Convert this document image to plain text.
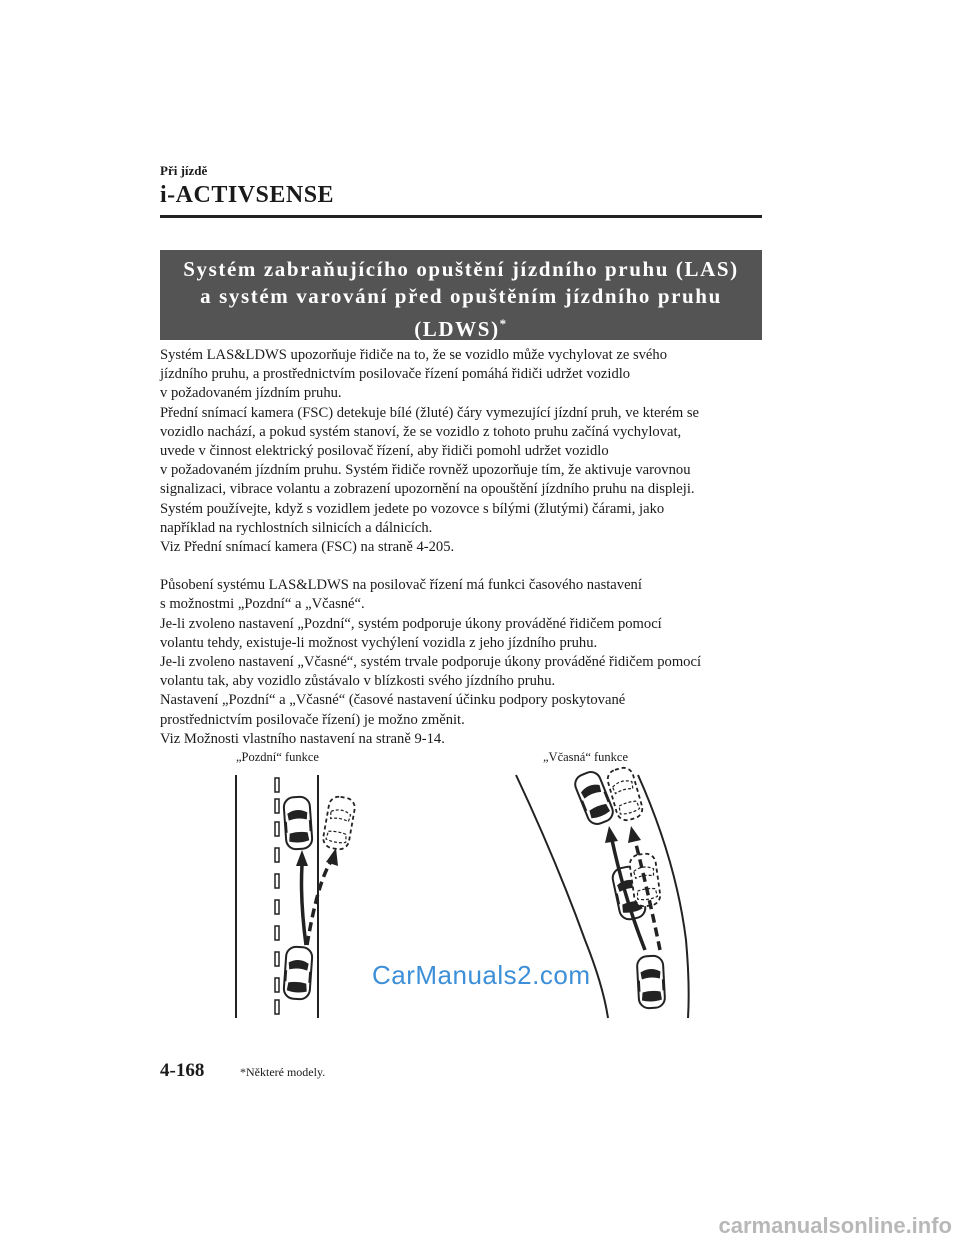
Při jízdě
i-ACTIVSENSE
Systém zabraňujícího opuštění jízdního pruhu (LAS)
a systém varování před opuštěním jízdního pruhu
(LDWS)*

Systém LAS&LDWS upozorňuje řidiče na to, že se vozidlo může vychylovat ze svého

jízdního pruhu, a prostřednictvím posilovače řízení pomáhá řidiči udržet vozidlo

v požadovaném jízdním pruhu.

Přední snímací kamera (FSC) detekuje bílé (žluté) čáry vymezující jízdní pruh, ve kterém se

vozidlo nachází, a pokud systém stanoví, že se vozidlo z tohoto pruhu začíná vychylovat,

uvede v činnost elektrický posilovač řízení, aby řidiči pomohl udržet vozidlo

v požadovaném jízdním pruhu. Systém řidiče rovněž upozorňuje tím, že aktivuje varovnou

signalizaci, vibrace volantu a zobrazení upozornění na opouštění jízdního pruhu na displeji.

Systém používejte, když s vozidlem jedete po vozovce s bílými (žlutými) čárami, jako

například na rychlostních silnicích a dálnicích.

Viz Přední snímací kamera (FSC) na straně 4-205.

Působení systému LAS&LDWS na posilovač řízení má funkci časového nastavení

s možnostmi „Pozdní“ a „Včasné“.

Je-li zvoleno nastavení „Pozdní“, systém podporuje úkony prováděné řidičem pomocí

volantu tehdy, existuje-li možnost vychýlení vozidla z jeho jízdního pruhu.

Je-li zvoleno nastavení „Včasné“, systém trvale podporuje úkony prováděné řidičem pomocí

volantu tak, aby vozidlo zůstávalo v blízkosti svého jízdního pruhu.

Nastavení „Pozdní“ a „Včasné“ (časové nastavení účinku podpory poskytované

prostřednictvím posilovače řízení) je možno změnit.

Viz Možnosti vlastního nastavení na straně 9-14.

„Pozdní“ funkce	„Včasná“ funkce
CarManuals2.com
4-168	*Některé modely.
carmanualsonline.info
